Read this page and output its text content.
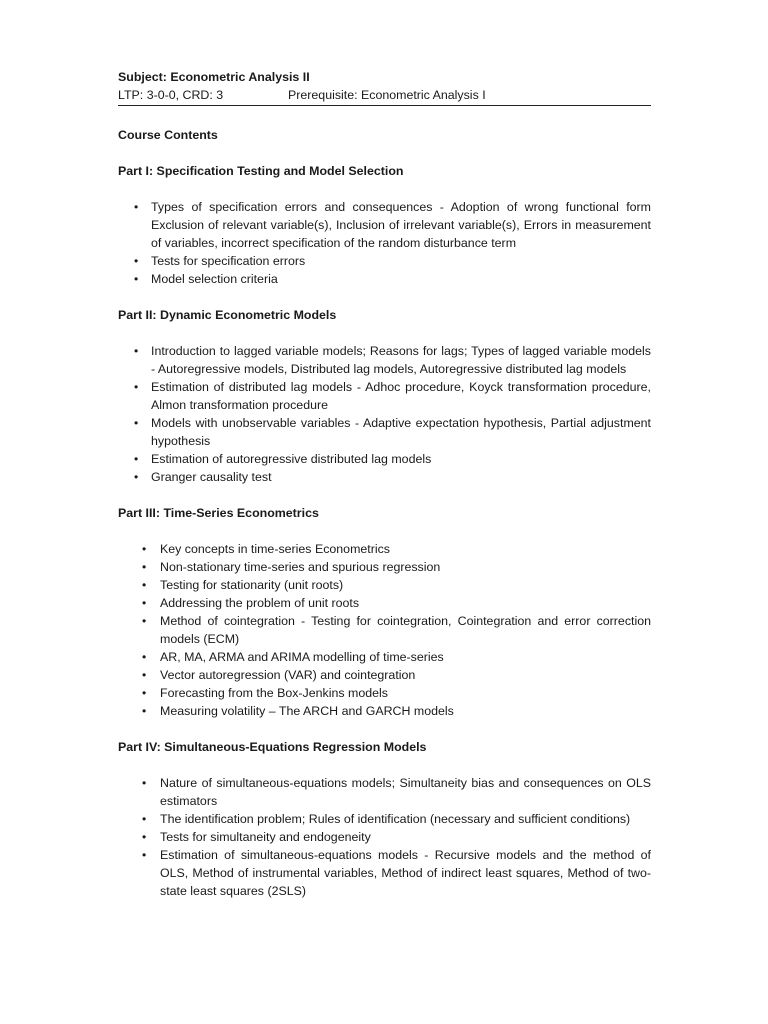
Subject: Econometric Analysis II
LTP: 3-0-0, CRD: 3	Prerequisite: Econometric Analysis I
Course Contents
Part I: Specification Testing and Model Selection
• Types of specification errors and consequences - Adoption of wrong functional form Exclusion of relevant variable(s), Inclusion of irrelevant variable(s), Errors in measurement of variables, incorrect specification of the random disturbance term
• Tests for specification errors
• Model selection criteria
Part II: Dynamic Econometric Models
• Introduction to lagged variable models; Reasons for lags; Types of lagged variable models - Autoregressive models, Distributed lag models, Autoregressive distributed lag models
• Estimation of distributed lag models - Adhoc procedure, Koyck transformation procedure, Almon transformation procedure
• Models with unobservable variables - Adaptive expectation hypothesis, Partial adjustment hypothesis
• Estimation of autoregressive distributed lag models
• Granger causality test
Part III: Time-Series Econometrics
• Key concepts in time-series Econometrics
• Non-stationary time-series and spurious regression
• Testing for stationarity (unit roots)
• Addressing the problem of unit roots
• Method of cointegration - Testing for cointegration, Cointegration and error correction models (ECM)
• AR, MA, ARMA and ARIMA modelling of time-series
• Vector autoregression (VAR) and cointegration
• Forecasting from the Box-Jenkins models
• Measuring volatility – The ARCH and GARCH models
Part IV: Simultaneous-Equations Regression Models
• Nature of simultaneous-equations models; Simultaneity bias and consequences on OLS estimators
• The identification problem; Rules of identification (necessary and sufficient conditions)
• Tests for simultaneity and endogeneity
• Estimation of simultaneous-equations models - Recursive models and the method of OLS, Method of instrumental variables, Method of indirect least squares, Method of two-state least squares (2SLS)
